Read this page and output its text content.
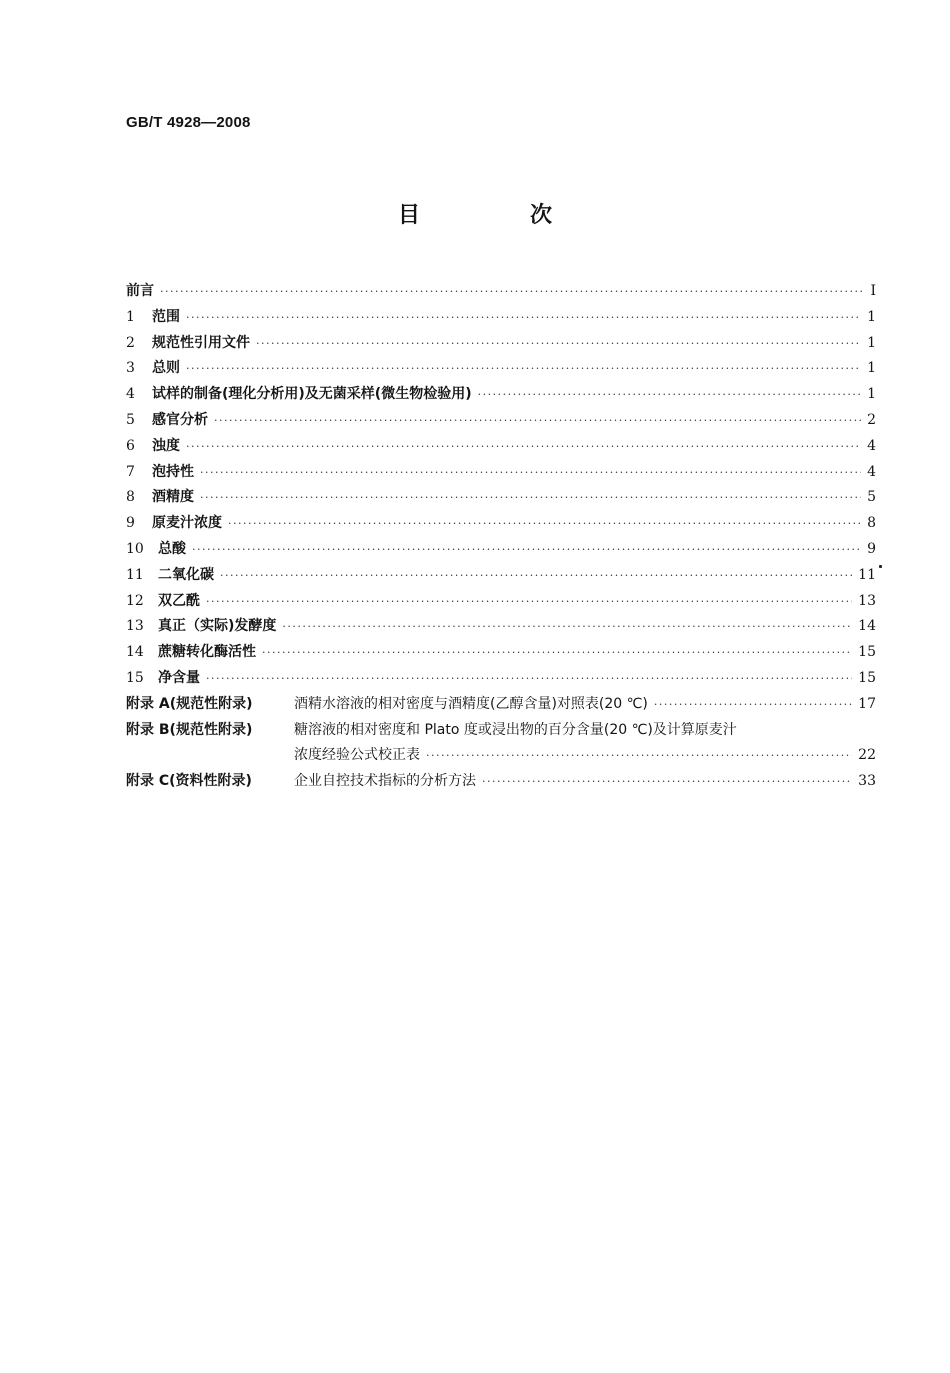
GB/T 4928—2008
目　次
前言 ·····	Ⅰ
1	范围 ·····	1
2	规范性引用文件 ·····	1
3	总则 ·····	1
4	试样的制备(理化分析用)及无菌采样(微生物检验用) ·····	1
5	感官分析 ·····	2
6	浊度 ·····	4
7	泡持性 ·····	4
8	酒精度 ·····	5
9	原麦汁浓度 ·····	8
10	总酸 ·····	9
11	二氧化碳 ·····	11
12	双乙酰 ·····	13
13	真正（实际)发酵度 ·····	14
14	蔗糖转化酶活性 ·····	15
15	净含量 ·····	15
附录 A(规范性附录)	酒精水溶液的相对密度与酒精度(乙醇含量)对照表(20 ℃) ·····	17
附录 B(规范性附录)	糖溶液的相对密度和 Plato 度或浸出物的百分含量(20 ℃)及计算原麦汁
浓度经验公式校正表 ·····	22
附录 C(资料性附录)	企业自控技术指标的分析方法 ·····	33
